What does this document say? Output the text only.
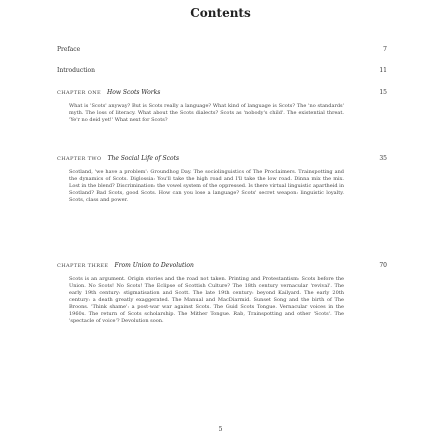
Contents
Preface	7
Introduction	11
CHAPTER ONE How Scots Works	15
What is 'Scots' anyway? But is Scots really a language? What kind of language is Scots? The 'no standards' myth. The loss of literacy. What about the Scots dialects? Scots as 'nobody's child'. The existential threat. 'Ye'r no deid yet!' What next for Scots?
CHAPTER TWO The Social Life of Scots	35
Scotland, 'we have a problem': Groundhog Day. The sociolinguistics of The Proclaimers. Trainspotting and the dynamics of Scots. Diglossia: You'll take the high road and I'll take the low road. Dinna mix the mix. Lost in the blend? Discrimination: the vowel system of the oppressed. Is there virtual linguistic apartheid in Scotland? Bad Scots, good Scots. How can you lose a language? Scots' secret weapon: linguistic loyalty. Scots, class and power.
CHAPTER THREE From Union to Devolution	70
Scots is an argument. Origin stories and the road not taken. Printing and Protestantism: Scots before the Union. No Scots! No Scots! The Eclipse of Scottish Culture? The 18th century vernacular 'revival'. The early 19th century: stigmatisation and Scott. The late 19th century: beyond Kailyard. The early 20th century: a death greatly exaggerated. The Manual and MacDiarmid. Sunset Song and the birth of The Broons. 'Think shame': a post-war war against Scots. The Guid Scots Tongue. Vernacular voices in the 1960s. The return of Scots scholarship. The Mither Tongue. Rab, Trainspotting and other 'Scots'. The 'spectacle of voice'? Devolution soon.
5
